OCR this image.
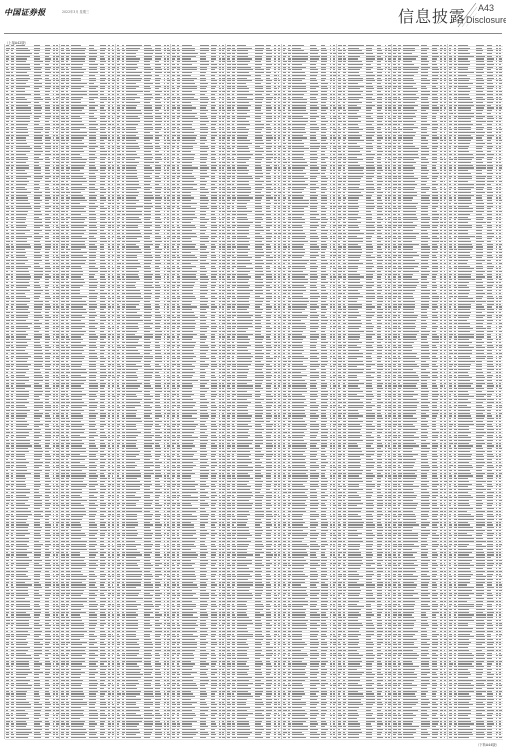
中国证券报	2022年3月 星期三	信息披露 A43
Disclosure
（上接A42版）
（下转A44版）
